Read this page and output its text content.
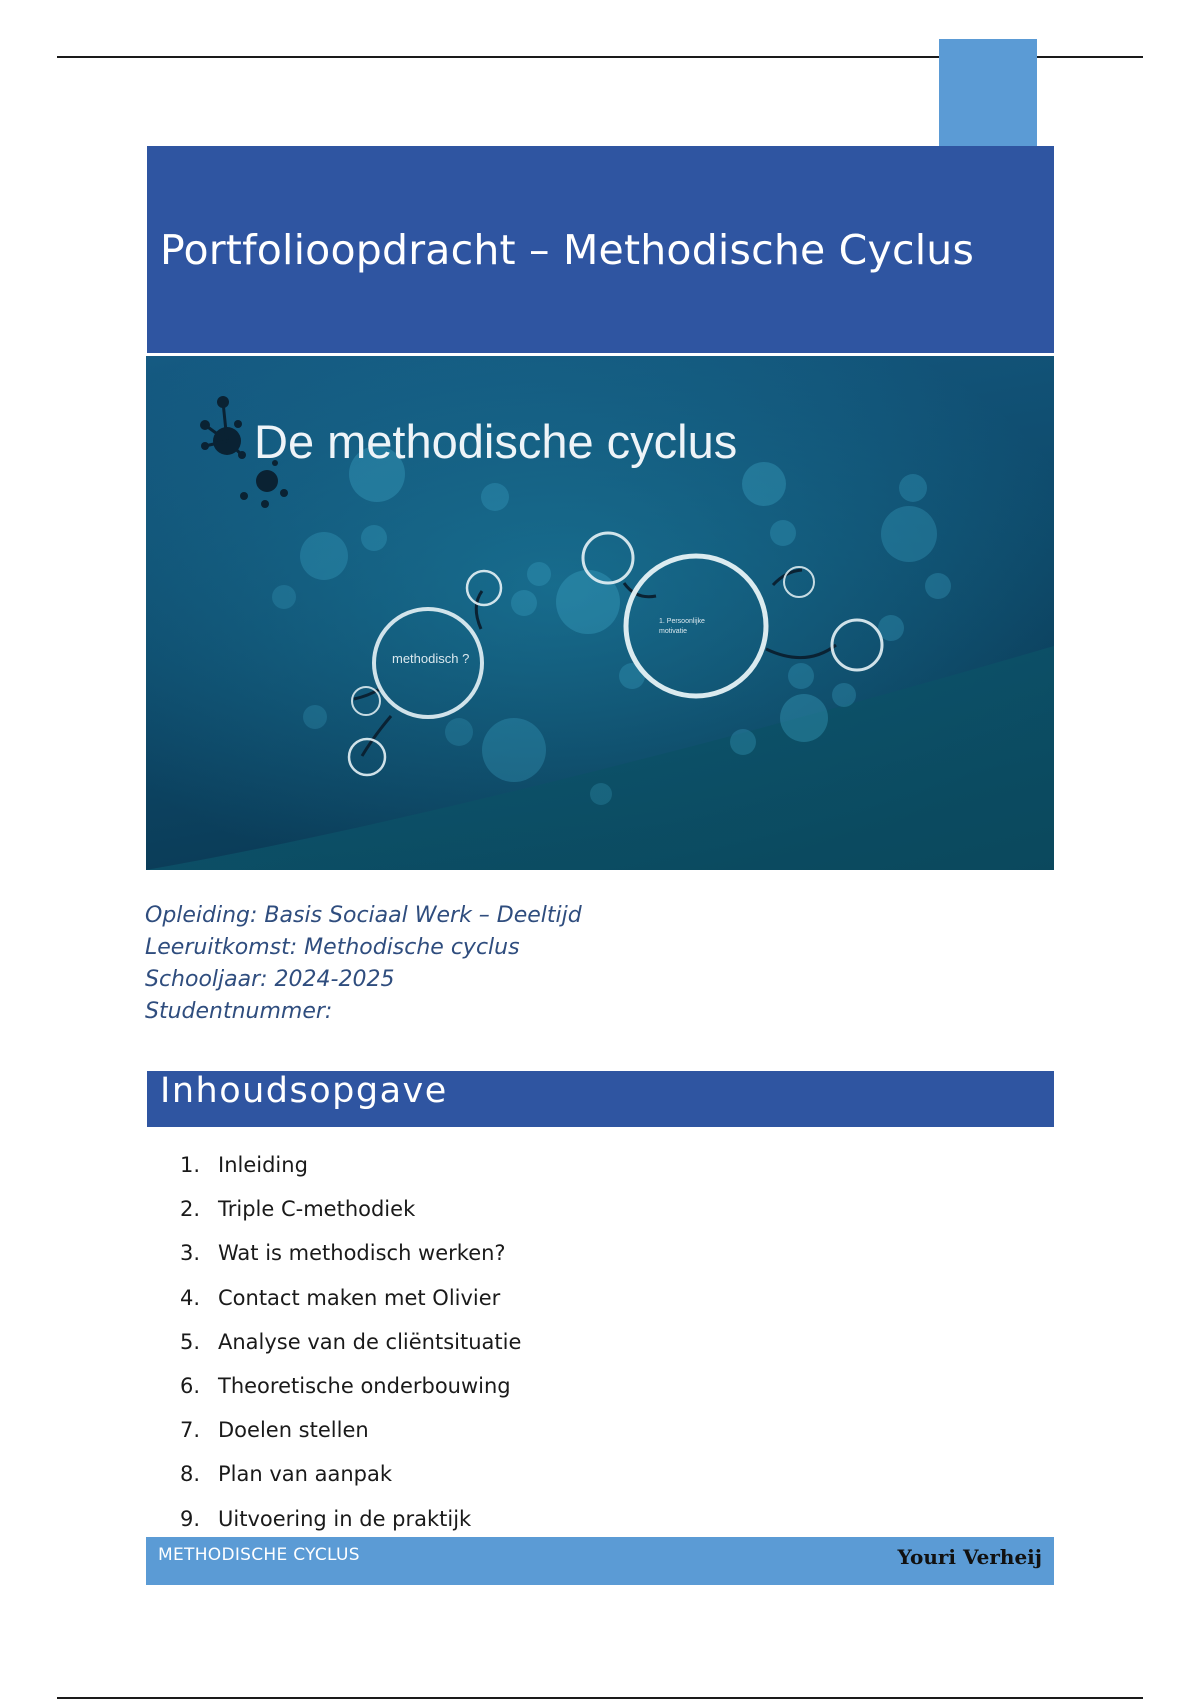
Portfolioopdracht – Methodische Cyclus
De methodische cyclus
methodisch ?
1. Persoonlijke
motivatie
Opleiding: Basis Sociaal Werk – Deeltijd
Leeruitkomst: Methodische cyclus
Schooljaar: 2024-2025
Studentnummer:
Inhoudsopgave
1. Inleiding
2. Triple C-methodiek
3. Wat is methodisch werken?
4. Contact maken met Olivier
5. Analyse van de cliëntsituatie
6. Theoretische onderbouwing
7. Doelen stellen
8. Plan van aanpak
9. Uitvoering in de praktijk
METHODISCHE CYCLUS	Youri Verheij
